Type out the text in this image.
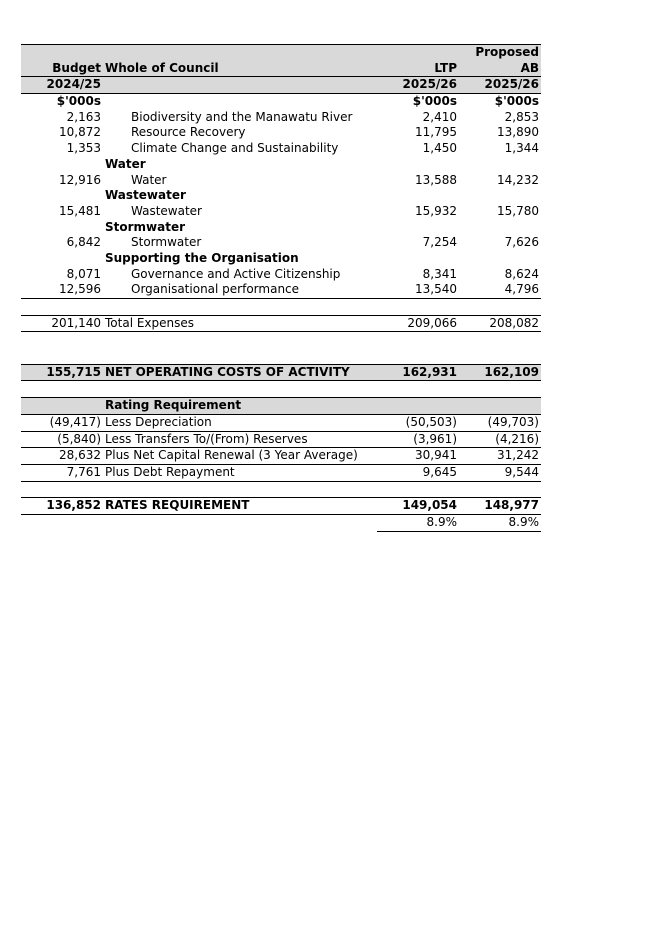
Proposed
Budget Whole of Council	LTP	AB
2024/25	2025/26	2025/26
$'000s	$'000s	$'000s
2,163	Biodiversity and the Manawatu River	2,410	2,853
10,872	Resource Recovery	11,795	13,890
1,353	Climate Change and Sustainability	1,450	1,344
Water
12,916	Water	13,588	14,232
Wastewater
15,481	Wastewater	15,932	15,780
Stormwater
6,842	Stormwater	7,254	7,626
Supporting the Organisation
8,071	Governance and Active Citizenship	8,341	8,624
12,596	Organisational performance	13,540	4,796
201,140 Total Expenses	209,066	208,082
155,715 NET OPERATING COSTS OF ACTIVITY	162,931	162,109
Rating Requirement
(49,417) Less Depreciation	(50,503)	(49,703)
(5,840) Less Transfers To/(From) Reserves	(3,961)	(4,216)
28,632 Plus Net Capital Renewal (3 Year Average)	30,941	31,242
7,761 Plus Debt Repayment	9,645	9,544
136,852 RATES REQUIREMENT	149,054	148,977
8.9%	8.9%
